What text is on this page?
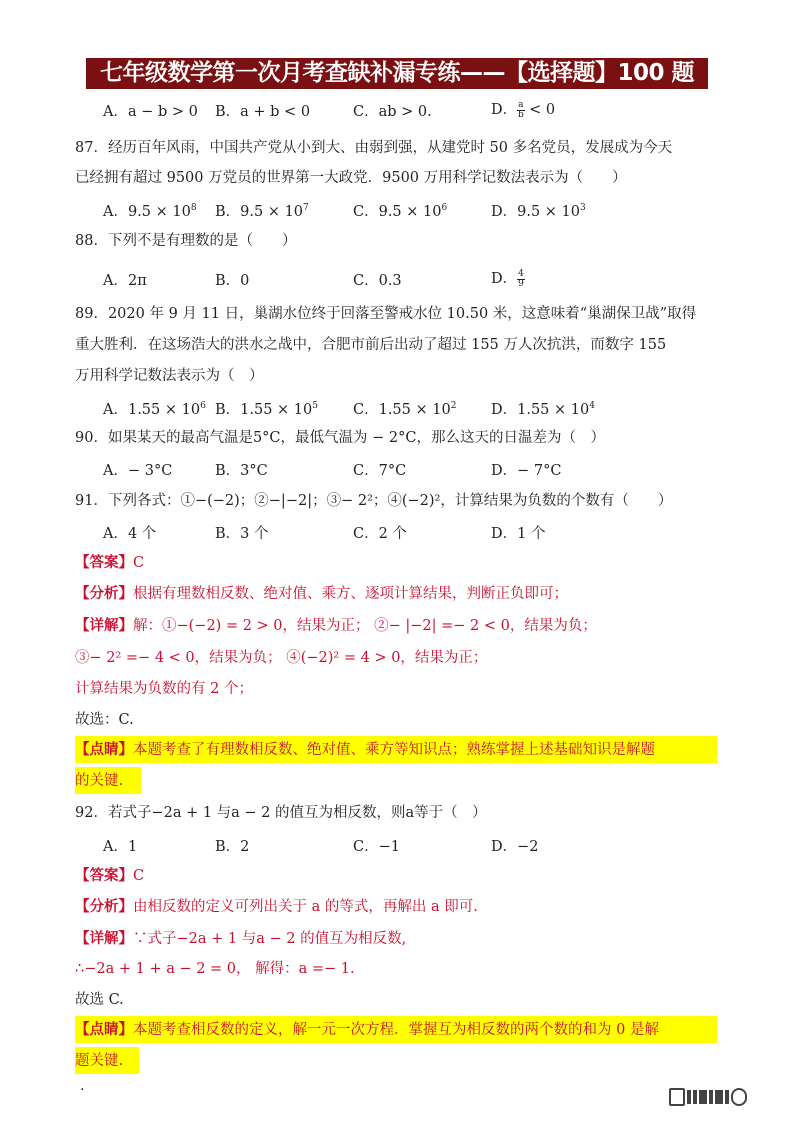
七年级数学第一次月考查缺补漏专练——【选择题】100 题
A．a − b > 0 B．a + b < 0	C．ab > 0.	D． $\frac{a}{b} < 0$
87．经历百年风雨，中国共产党从小到大、由弱到强，从建党时 50 多名党员，发展成为今天
已经拥有超过 9500 万党员的世界第一大政党．9500 万用科学记数法表示为（　　）
A．$9.5 \times 10^8$ B．$9.5 \times 10^7$	C．$9.5 \times 10^6$	D．$9.5 \times 10^3$
88．下列不是有理数的是（　　）
A．2π	B．0	C．0.3	D． $\frac{4}{9}$
89．2020 年 9 月 11 日，巢湖水位终于回落至警戒水位 10.50 米，这意味着“巢湖保卫战”取得
重大胜利．在这场浩大的洪水之战中，合肥市前后出动了超过 155 万人次抗洪，而数字 155
万用科学记数法表示为（　）
A．$1.55 \times 10^6$ B．$1.55 \times 10^5$ C．$1.55 \times 10^2$ D．$1.55 \times 10^4$
90．如果某天的最高气温是5°C，最低气温为 − 2°C，那么这天的日温差为（　）
A．− 3°C	B．3°C	C．7°C	D．− 7°C
91．下列各式：①−(−2)；②−|−2|；③− 2²；④(−2)²，计算结果为负数的个数有（　　）
A．4 个	B．3 个	C．2 个	D．1 个
【答案】C
【分析】根据有理数相反数、绝对值、乘方、逐项计算结果，判断正负即可；
【详解】解：①−(−2) = 2 > 0，结果为正； ②− |−2| =− 2 < 0，结果为负；
③− 2² =− 4 < 0，结果为负； ④(−2)² = 4 > 0，结果为正；
计算结果为负数的有 2 个；
故选：C.
【点睛】本题考查了有理数相反数、绝对值、乘方等知识点；熟练掌握上述基础知识是解题
的关键.
92．若式子−2a + 1 与a − 2 的值互为相反数，则a等于（　）
A．1	B．2	C．−1	D．−2
【答案】C
【分析】由相反数的定义可列出关于 a 的等式，再解出 a 即可.
【详解】∵式子−2a + 1 与a − 2 的值互为相反数,
∴−2a + 1 + a − 2 = 0， 解得：a =− 1.
故选 C.
【点睛】本题考查相反数的定义，解一元一次方程．掌握互为相反数的两个数的和为 0 是解
题关键.
.
